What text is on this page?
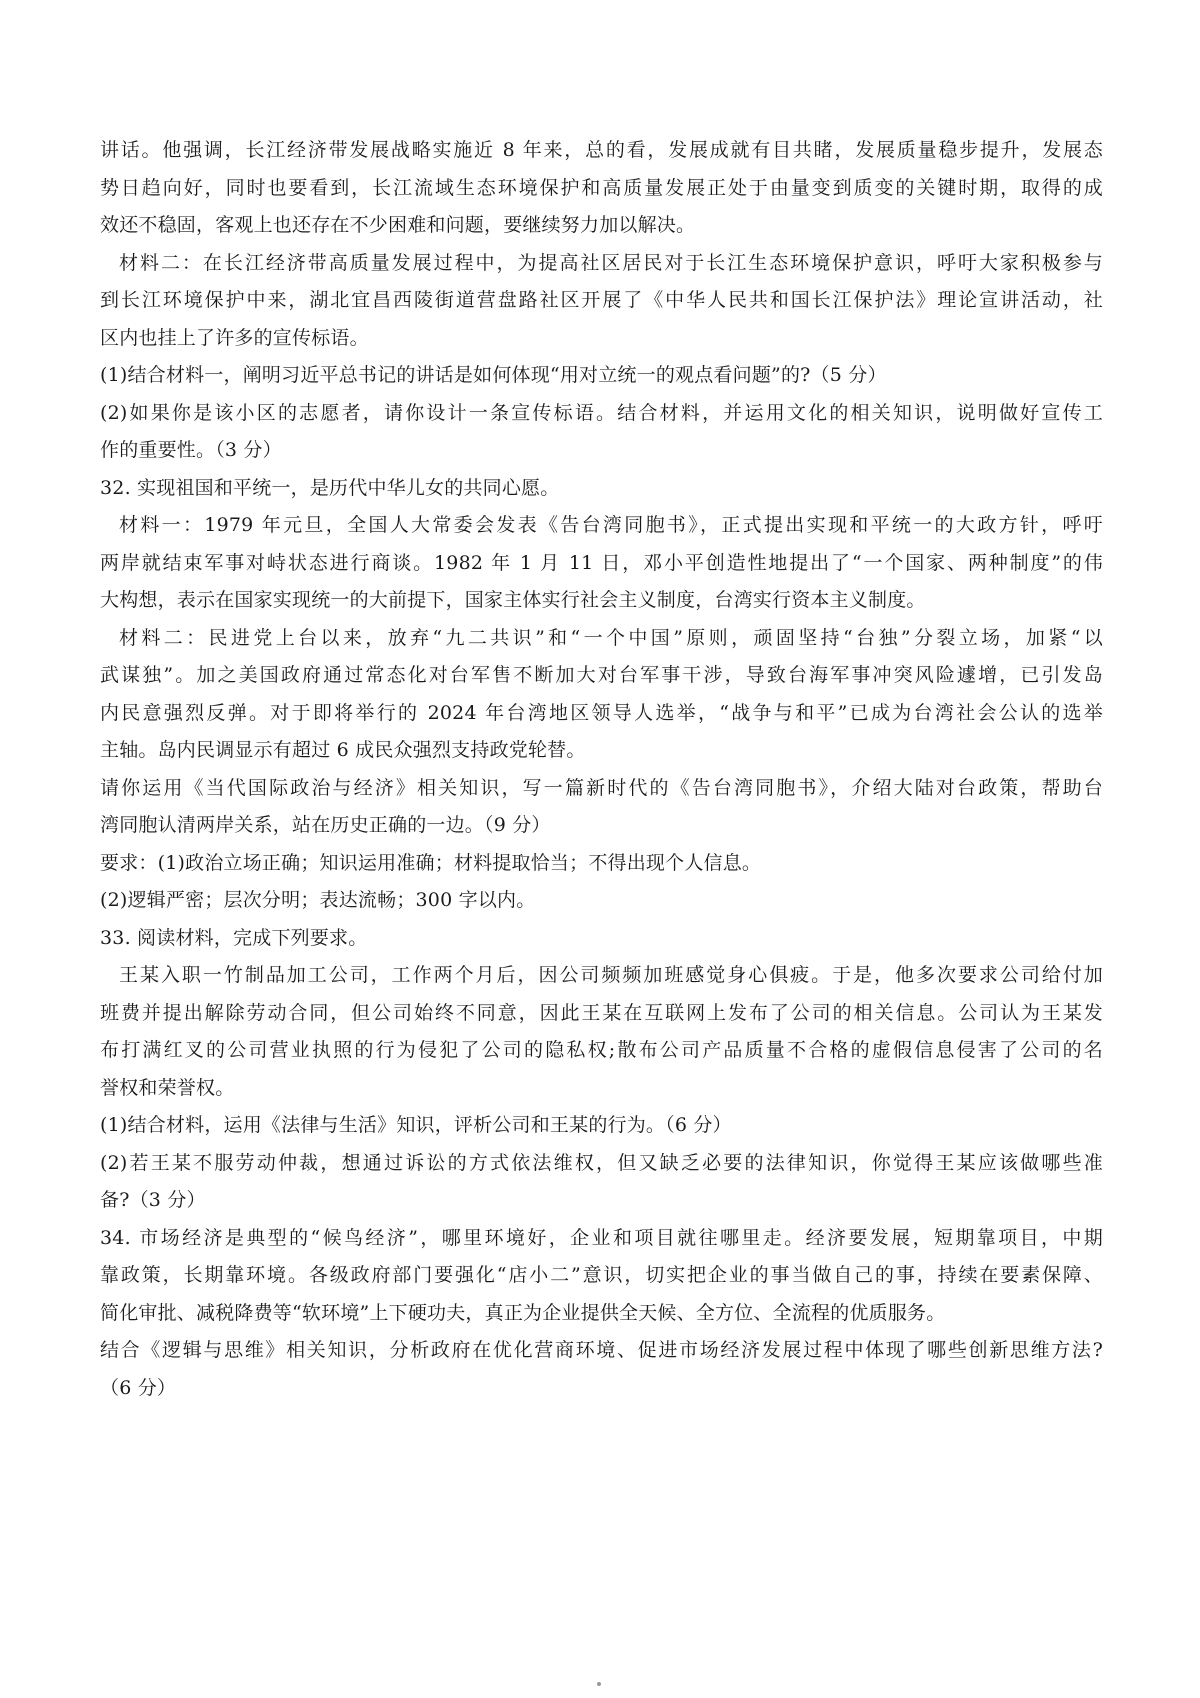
讲话。他强调，长江经济带发展战略实施近 8 年来，总的看，发展成就有目共睹，发展质量稳步提升，发展态
势日趋向好，同时也要看到，长江流域生态环境保护和高质量发展正处于由量变到质变的关键时期，取得的成
效还不稳固，客观上也还存在不少困难和问题，要继续努力加以解决。
材料二：在长江经济带高质量发展过程中，为提高社区居民对于长江生态环境保护意识，呼吁大家积极参与
到长江环境保护中来，湖北宜昌西陵街道营盘路社区开展了《中华人民共和国长江保护法》理论宣讲活动，社
区内也挂上了许多的宣传标语。
(1)结合材料一，阐明习近平总书记的讲话是如何体现“用对立统一的观点看问题”的?（5 分）
(2)如果你是该小区的志愿者，请你设计一条宣传标语。结合材料，并运用文化的相关知识，说明做好宣传工
作的重要性。（3 分）
32. 实现祖国和平统一，是历代中华儿女的共同心愿。
材料一：1979 年元旦，全国人大常委会发表《告台湾同胞书》，正式提出实现和平统一的大政方针，呼吁
两岸就结束军事对峙状态进行商谈。1982 年 1 月 11 日，邓小平创造性地提出了“一个国家、两种制度”的伟
大构想，表示在国家实现统一的大前提下，国家主体实行社会主义制度，台湾实行资本主义制度。
材料二：民进党上台以来，放弃“九二共识”和“一个中国”原则，顽固坚持“台独”分裂立场，加紧“以
武谋独”。加之美国政府通过常态化对台军售不断加大对台军事干涉，导致台海军事冲突风险遽增，已引发岛
内民意强烈反弹。对于即将举行的 2024 年台湾地区领导人选举，“战争与和平”已成为台湾社会公认的选举
主轴。岛内民调显示有超过 6 成民众强烈支持政党轮替。
请你运用《当代国际政治与经济》相关知识，写一篇新时代的《告台湾同胞书》，介绍大陆对台政策，帮助台
湾同胞认清两岸关系，站在历史正确的一边。（9 分）
要求：(1)政治立场正确；知识运用准确；材料提取恰当；不得出现个人信息。
(2)逻辑严密；层次分明；表达流畅；300 字以内。
33. 阅读材料，完成下列要求。
王某入职一竹制品加工公司，工作两个月后，因公司频频加班感觉身心俱疲。于是，他多次要求公司给付加
班费并提出解除劳动合同，但公司始终不同意，因此王某在互联网上发布了公司的相关信息。公司认为王某发
布打满红叉的公司营业执照的行为侵犯了公司的隐私权;散布公司产品质量不合格的虚假信息侵害了公司的名
誉权和荣誉权。
(1)结合材料，运用《法律与生活》知识，评析公司和王某的行为。（6 分）
(2)若王某不服劳动仲裁，想通过诉讼的方式依法维权，但又缺乏必要的法律知识，你觉得王某应该做哪些准
备?（3 分）
34. 市场经济是典型的“候鸟经济”，哪里环境好，企业和项目就往哪里走。经济要发展，短期靠项目，中期
靠政策，长期靠环境。各级政府部门要强化“店小二”意识，切实把企业的事当做自己的事，持续在要素保障、
简化审批、减税降费等“软环境”上下硬功夫，真正为企业提供全天候、全方位、全流程的优质服务。
结合《逻辑与思维》相关知识，分析政府在优化营商环境、促进市场经济发展过程中体现了哪些创新思维方法?
（6 分）
